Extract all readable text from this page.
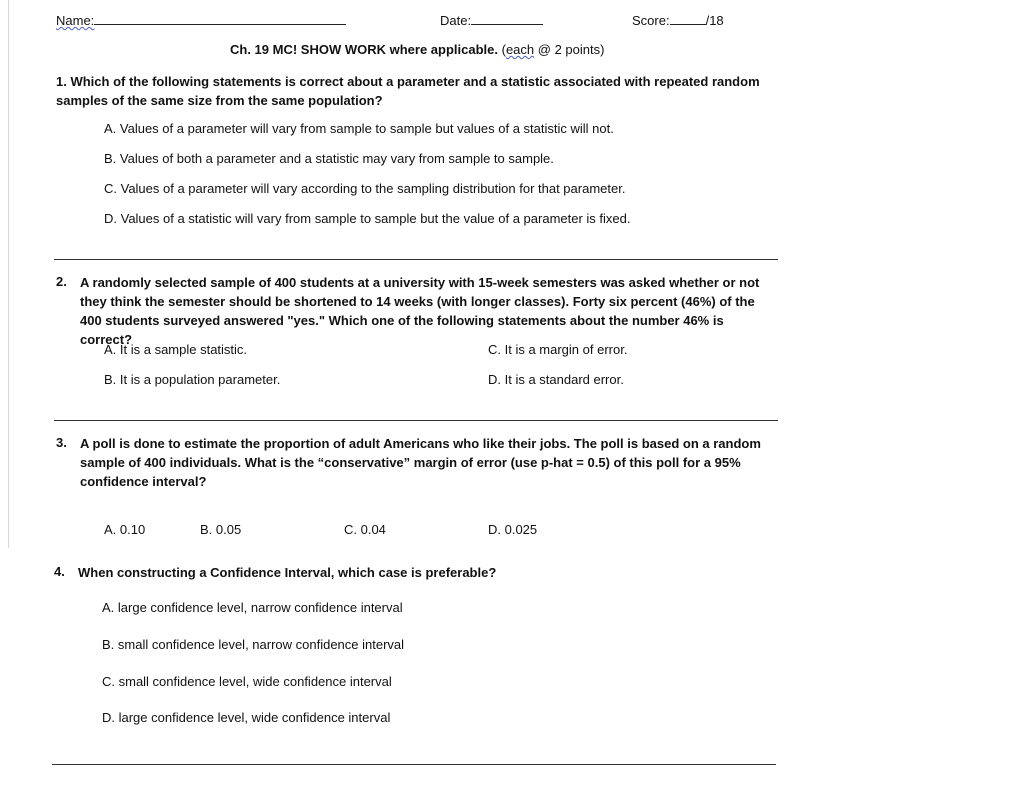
Name:	Date:	Score:	/18
Ch. 19 MC! SHOW WORK where applicable. (each @ 2 points)
1. Which of the following statements is correct about a parameter and a statistic associated with repeated random samples of the same size from the same population?
A. Values of a parameter will vary from sample to sample but values of a statistic will not.
B. Values of both a parameter and a statistic may vary from sample to sample.
C. Values of a parameter will vary according to the sampling distribution for that parameter.
D. Values of a statistic will vary from sample to sample but the value of a parameter is fixed.
2. A randomly selected sample of 400 students at a university with 15-week semesters was asked whether or not they think the semester should be shortened to 14 weeks (with longer classes). Forty six percent (46%) of the 400 students surveyed answered "yes." Which one of the following statements about the number 46% is correct?
A. It is a sample statistic.
B. It is a population parameter.
C. It is a margin of error.
D. It is a standard error.
3. A poll is done to estimate the proportion of adult Americans who like their jobs. The poll is based on a random sample of 400 individuals. What is the “conservative” margin of error (use p-hat = 0.5) of this poll for a 95% confidence interval?
A. 0.10	B. 0.05	C. 0.04	D. 0.025
4. When constructing a Confidence Interval, which case is preferable?
A. large confidence level, narrow confidence interval
B. small confidence level, narrow confidence interval
C. small confidence level, wide confidence interval
D. large confidence level, wide confidence interval
